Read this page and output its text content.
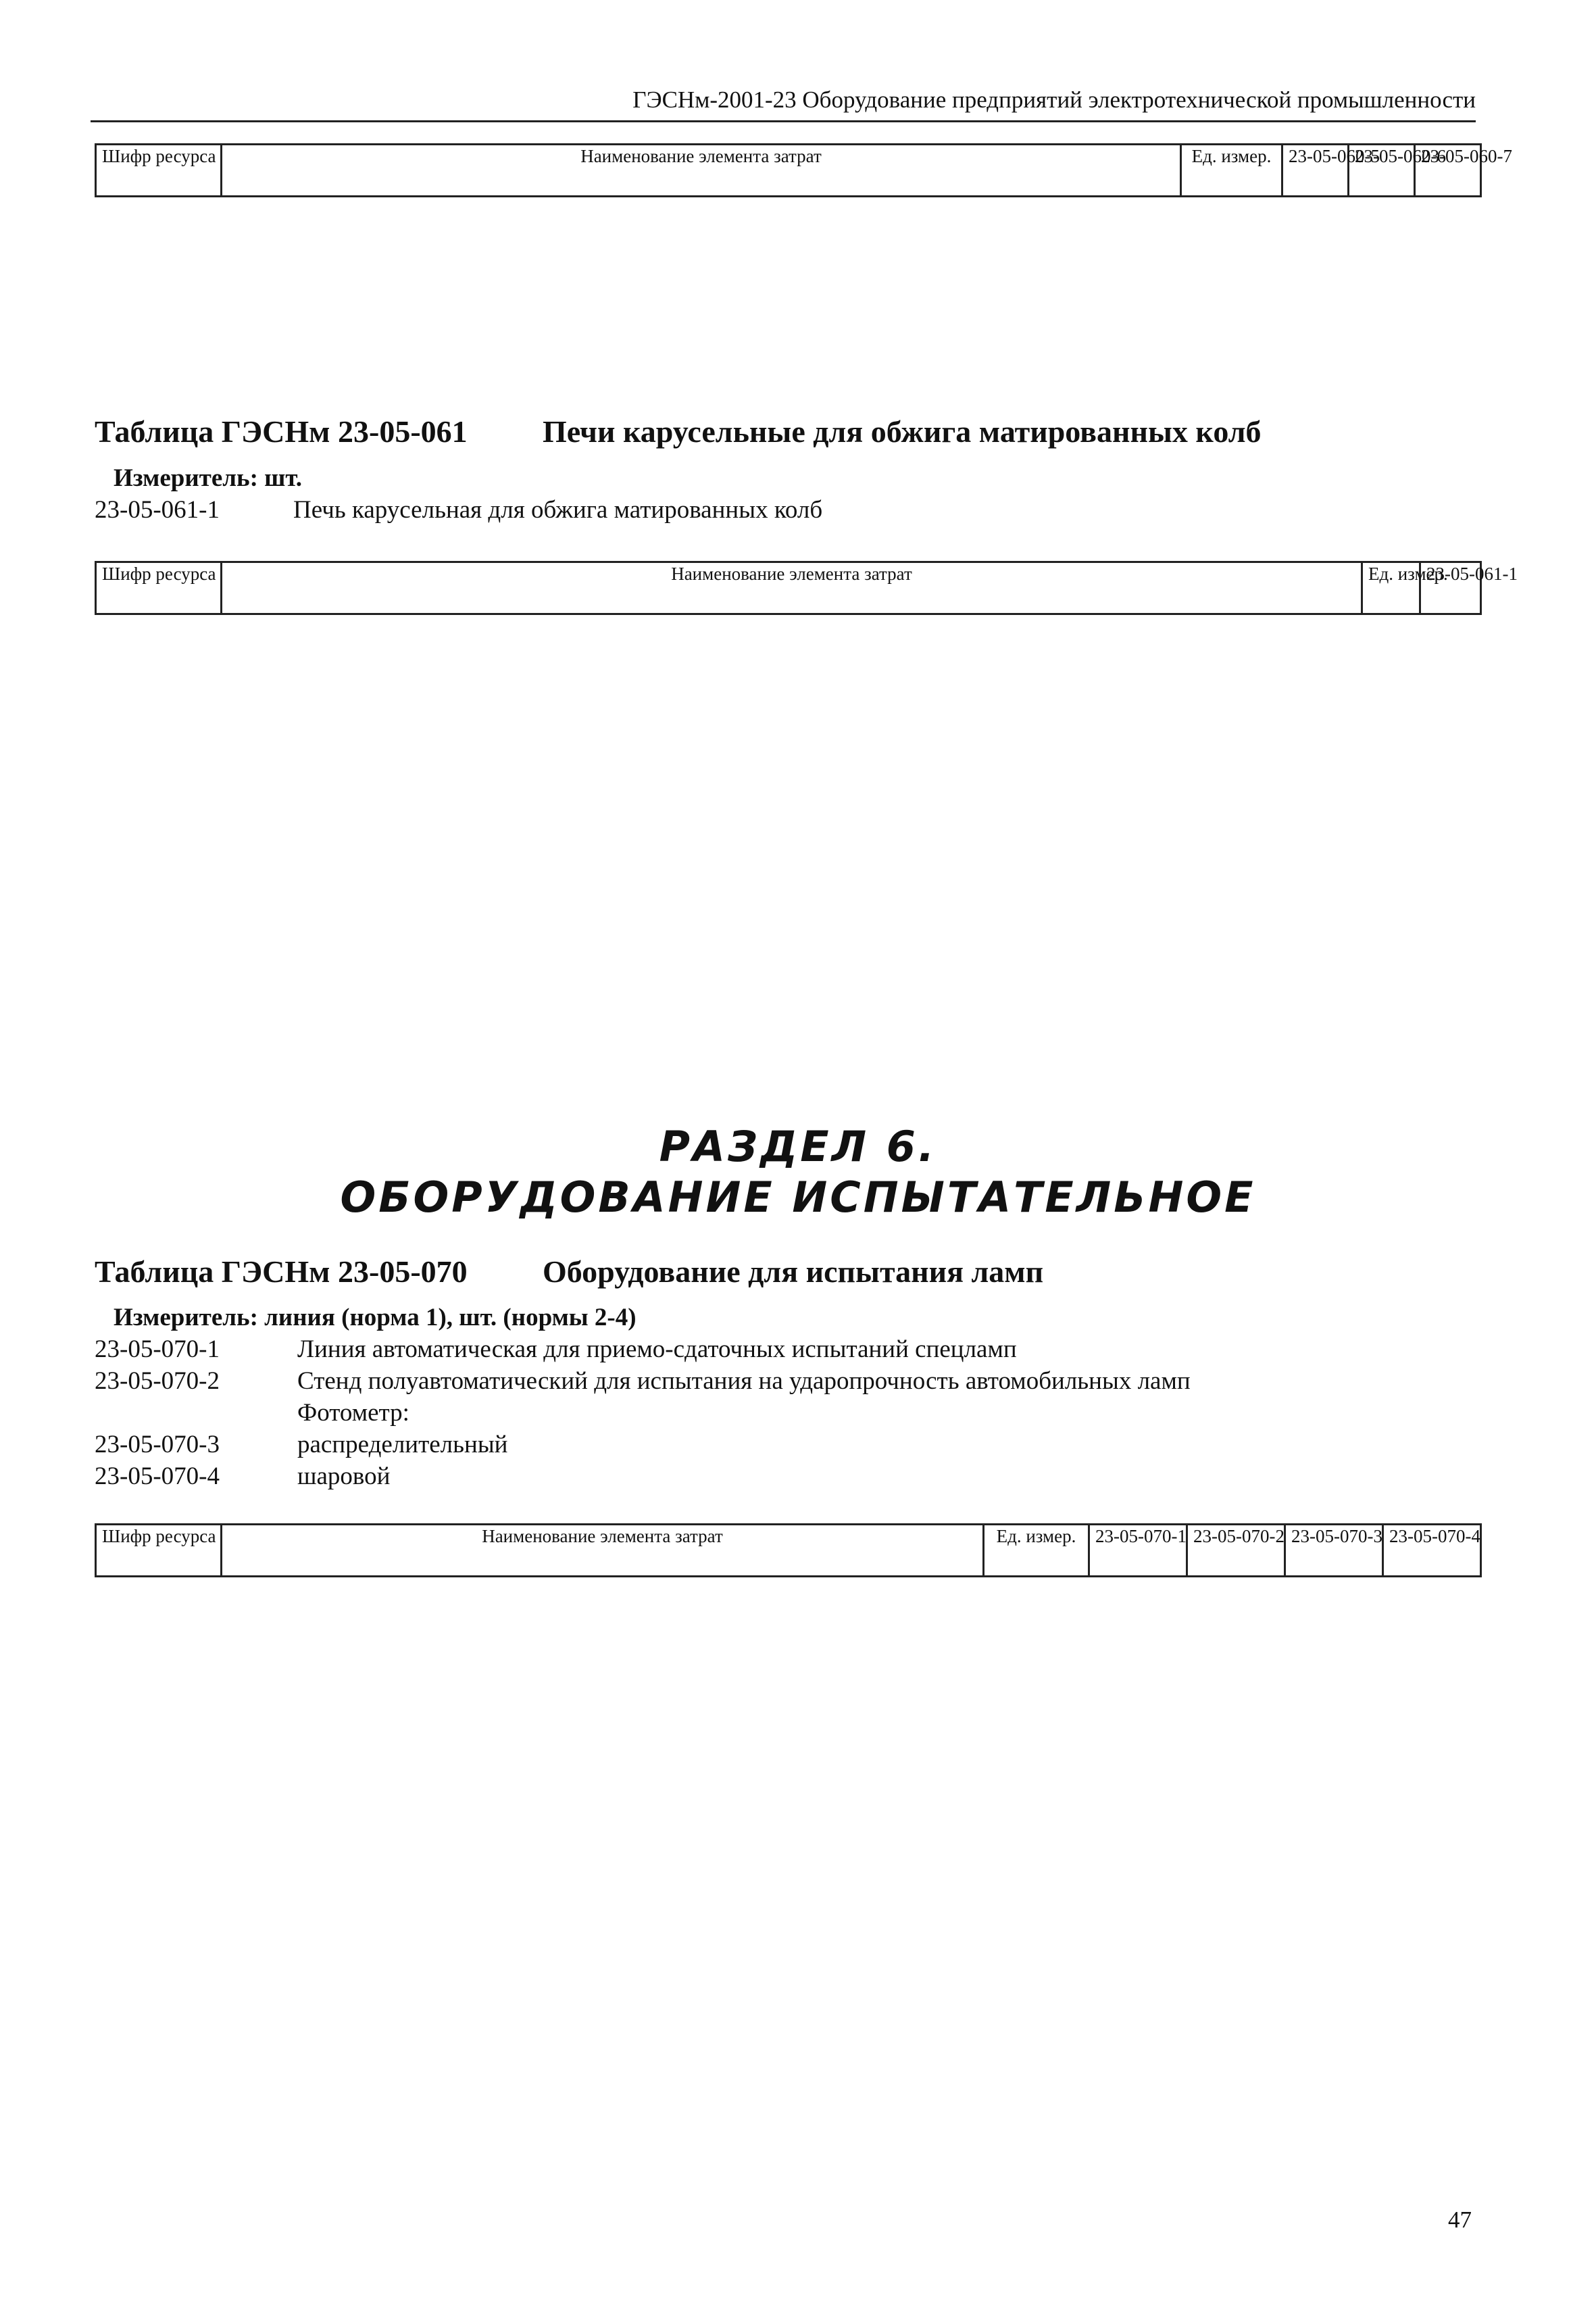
ГЭСНм-2001-23 Оборудование предприятий электротехнической промышленности
Шифр ресурса	Наименование элемента затрат	Ед. измер.	23-05-060-5	23-05-060-6	23-05-060-7
Таблица ГЭСНм 23-05-061 Печи карусельные для обжига матированных колб
Измеритель: шт.
23-05-061-1	Печь карусельная для обжига матированных колб
Шифр ресурса	Наименование элемента затрат	Ед. измер.	23-05-061-1
РАЗДЕЛ 6.
ОБОРУДОВАНИЕ ИСПЫТАТЕЛЬНОЕ
Таблица ГЭСНм 23-05-070 Оборудование для испытания ламп
Измеритель: линия (норма 1), шт. (нормы 2-4)
23-05-070-1	Линия автоматическая для приемо-сдаточных испытаний спецламп
23-05-070-2	Стенд полуавтоматический для испытания на ударопрочность автомобильных ламп
Фотометр:
23-05-070-3	распределительный
23-05-070-4	шаровой
Шифр ресурса	Наименование элемента затрат	Ед. измер.	23-05-070-1	23-05-070-2	23-05-070-3	23-05-070-4
47
